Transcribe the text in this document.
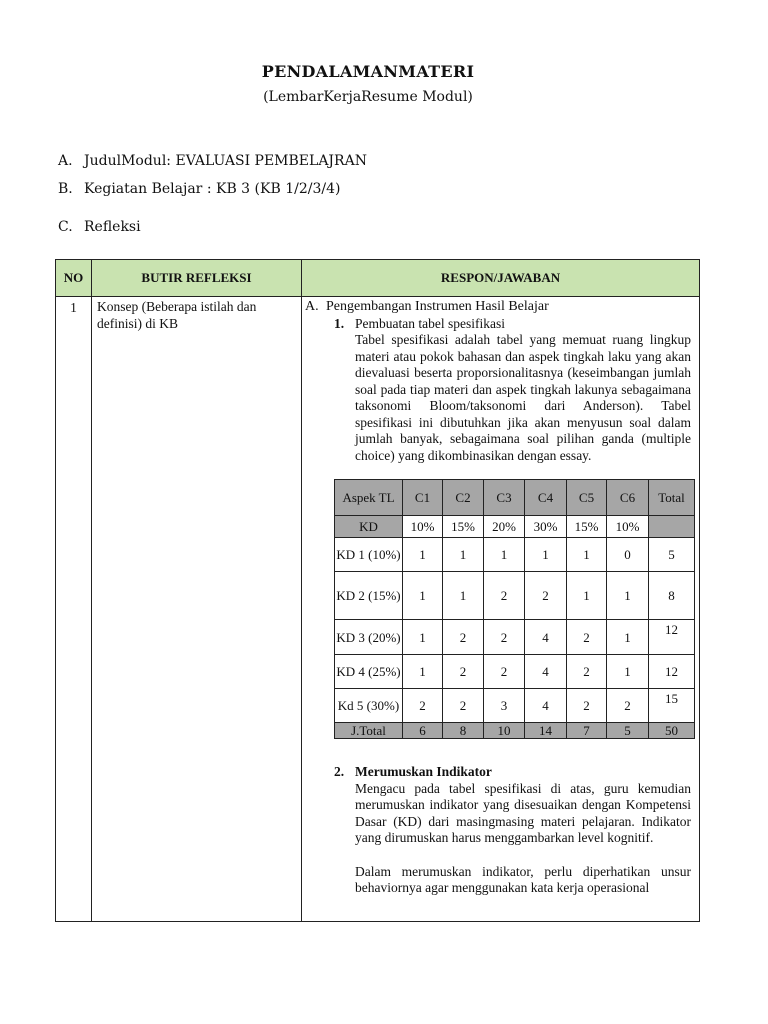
PENDALAMANMATERI
(LembarKerjaResume Modul)
A. JudulModul: EVALUASI PEMBELAJRAN
B. Kegiatan Belajar : KB 3 (KB 1/2/3/4)
C. Refleksi
NO	BUTIR REFLEKSI	RESPON/JAWABAN
1	Konsep (Beberapa istilah dan definisi) di KB	
A. Pengembangan Instrumen Hasil Belajar
1. Pembuatan tabel spesifikasi
Tabel spesifikasi adalah tabel yang memuat ruang lingkup materi atau pokok bahasan dan aspek tingkah laku yang akan dievaluasi beserta proporsionalitasnya (keseimbangan jumlah soal pada tiap materi dan aspek tingkah lakunya sebagaimana taksonomi Bloom/taksonomi dari Anderson). Tabel spesifikasi ini dibutuhkan jika akan menyusun soal dalam jumlah banyak, sebagaimana soal pilihan ganda (multiple choice) yang dikombinasikan dengan essay.
Aspek TL	C1	C2	C3	C4	C5	C6	Total
KD	10%	15%	20%	30%	15%	10%	
KD 1 (10%)	1	1	1	1	1	0	5
KD 2 (15%)	1	1	2	2	1	1	8
KD 3 (20%)	1	2	2	4	2	1	12
KD 4 (25%)	1	2	2	4	2	1	12
Kd 5 (30%)	2	2	3	4	2	2	15
J.Total	6	8	10	14	7	5	50
2. Merumuskan Indikator
Mengacu pada tabel spesifikasi di atas, guru kemudian merumuskan indikator yang disesuaikan dengan Kompetensi Dasar (KD) dari masingmasing materi pelajaran. Indikator yang dirumuskan harus menggambarkan level kognitif.
Dalam merumuskan indikator, perlu diperhatikan unsur behaviornya agar menggunakan kata kerja operasional
